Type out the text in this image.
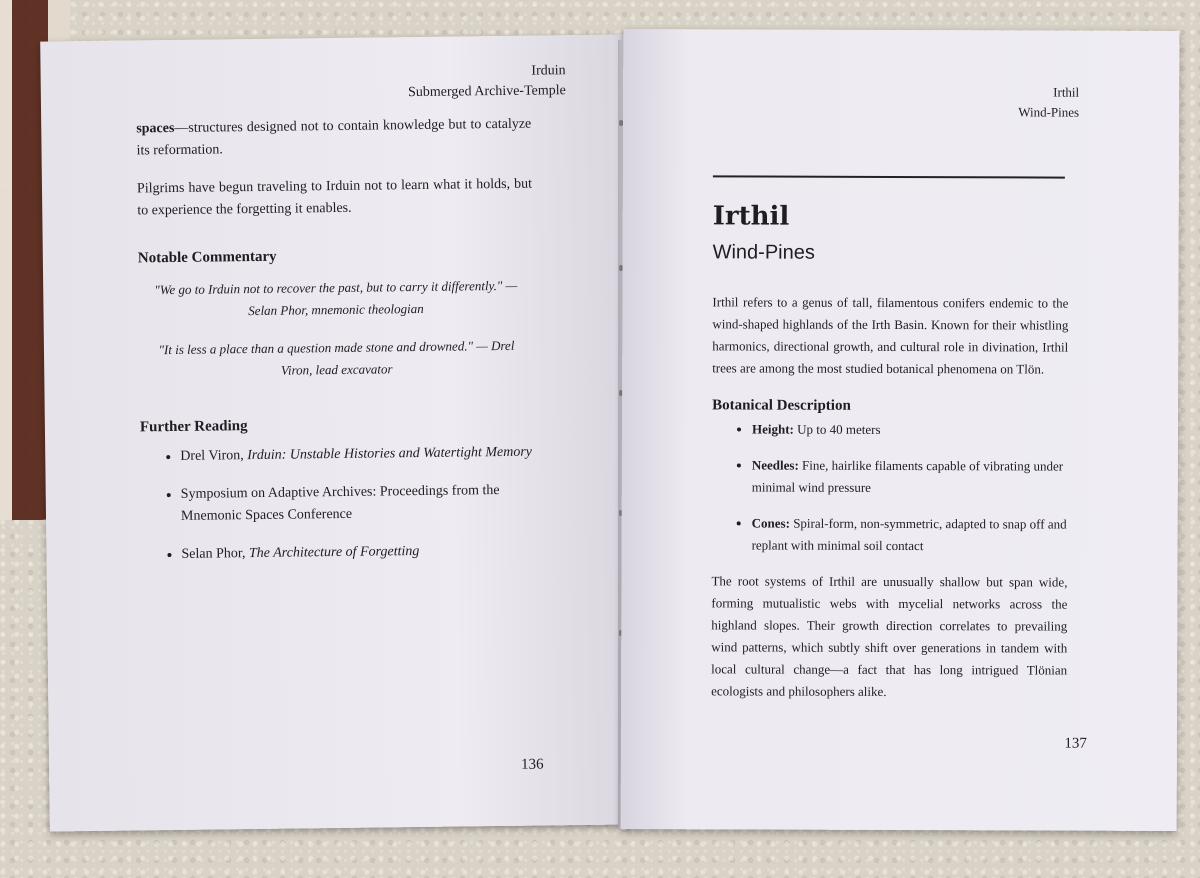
Irduin
Submerged Archive-Temple

spaces—structures designed not to contain knowledge but to catalyze its reformation.

Pilgrims have begun traveling to Irduin not to learn what it holds, but to experience the forgetting it enables.

Notable Commentary

"We go to Irduin not to recover the past, but to carry it differently." — Selan Phor, mnemonic theologian

"It is less a place than a question made stone and drowned." — Drel Viron, lead excavator

Further Reading
• Drel Viron, Irduin: Unstable Histories and Watertight Memory
• Symposium on Adaptive Archives: Proceedings from the Mnemonic Spaces Conference
• Selan Phor, The Architecture of Forgetting
136
Irthil
Wind-Pines
Irthil
Wind-Pines

Irthil refers to a genus of tall, filamentous conifers endemic to the wind-shaped highlands of the Irth Basin. Known for their whistling harmonics, directional growth, and cultural role in divination, Irthil trees are among the most studied botanical phenomena on Tlön.

Botanical Description
• Height: Up to 40 meters
• Needles: Fine, hairlike filaments capable of vibrating under minimal wind pressure
• Cones: Spiral-form, non-symmetric, adapted to snap off and replant with minimal soil contact

The root systems of Irthil are unusually shallow but span wide, forming mutualistic webs with mycelial networks across the highland slopes. Their growth direction correlates to prevailing wind patterns, which subtly shift over generations in tandem with local cultural change—a fact that has long intrigued Tlönian ecologists and philosophers alike.

137
